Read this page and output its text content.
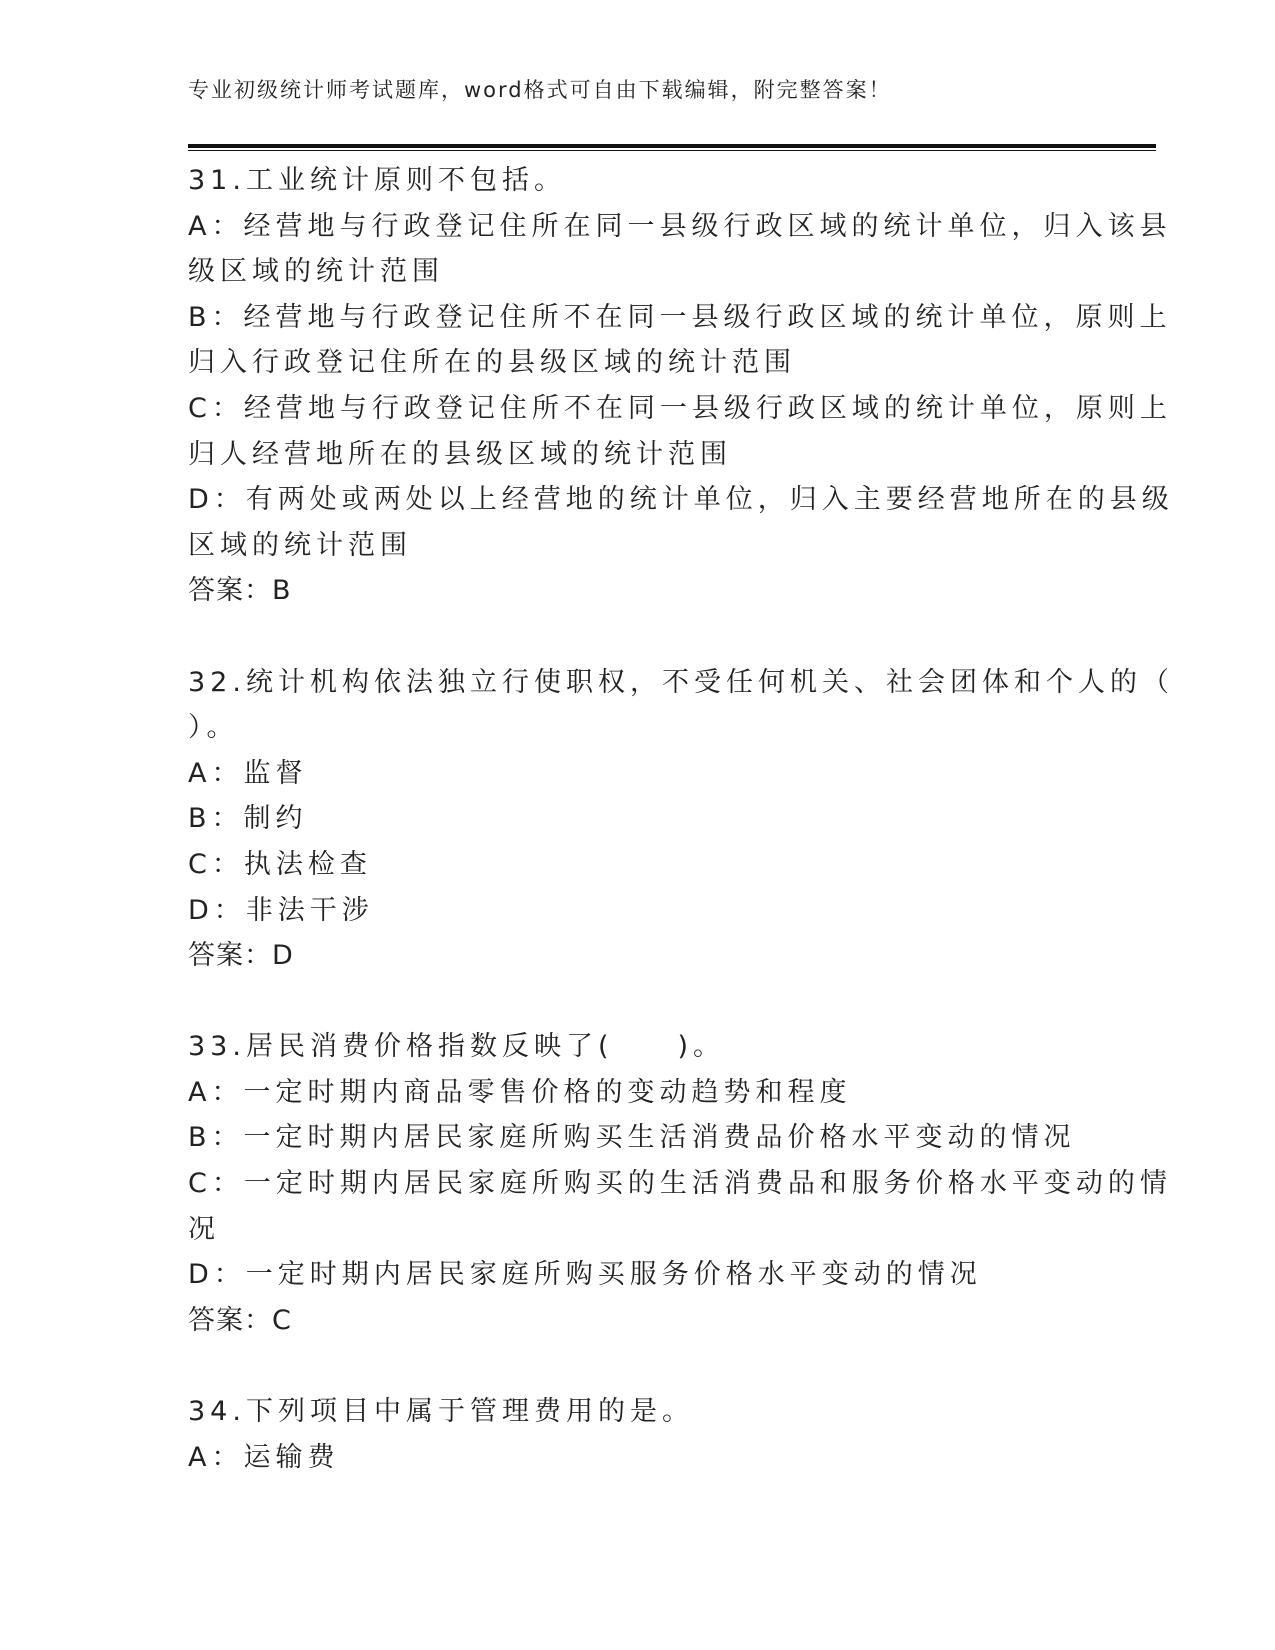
专业初级统计师考试题库，word格式可自由下载编辑，附完整答案！
31.工业统计原则不包括。
A：经营地与行政登记住所在同一县级行政区域的统计单位，归入该县
级区域的统计范围
B：经营地与行政登记住所不在同一县级行政区域的统计单位，原则上
归入行政登记住所在的县级区域的统计范围
C：经营地与行政登记住所不在同一县级行政区域的统计单位，原则上
归人经营地所在的县级区域的统计范围
D：有两处或两处以上经营地的统计单位，归入主要经营地所在的县级
区域的统计范围
答案：B
32.统计机构依法独立行使职权，不受任何机关、社会团体和个人的（
）。
A：监督
B：制约
C：执法检查
D：非法干涉
答案：D
33.居民消费价格指数反映了(　　)。
A：一定时期内商品零售价格的变动趋势和程度
B：一定时期内居民家庭所购买生活消费品价格水平变动的情况
C：一定时期内居民家庭所购买的生活消费品和服务价格水平变动的情
况
D：一定时期内居民家庭所购买服务价格水平变动的情况
答案：C
34.下列项目中属于管理费用的是。
A：运输费
